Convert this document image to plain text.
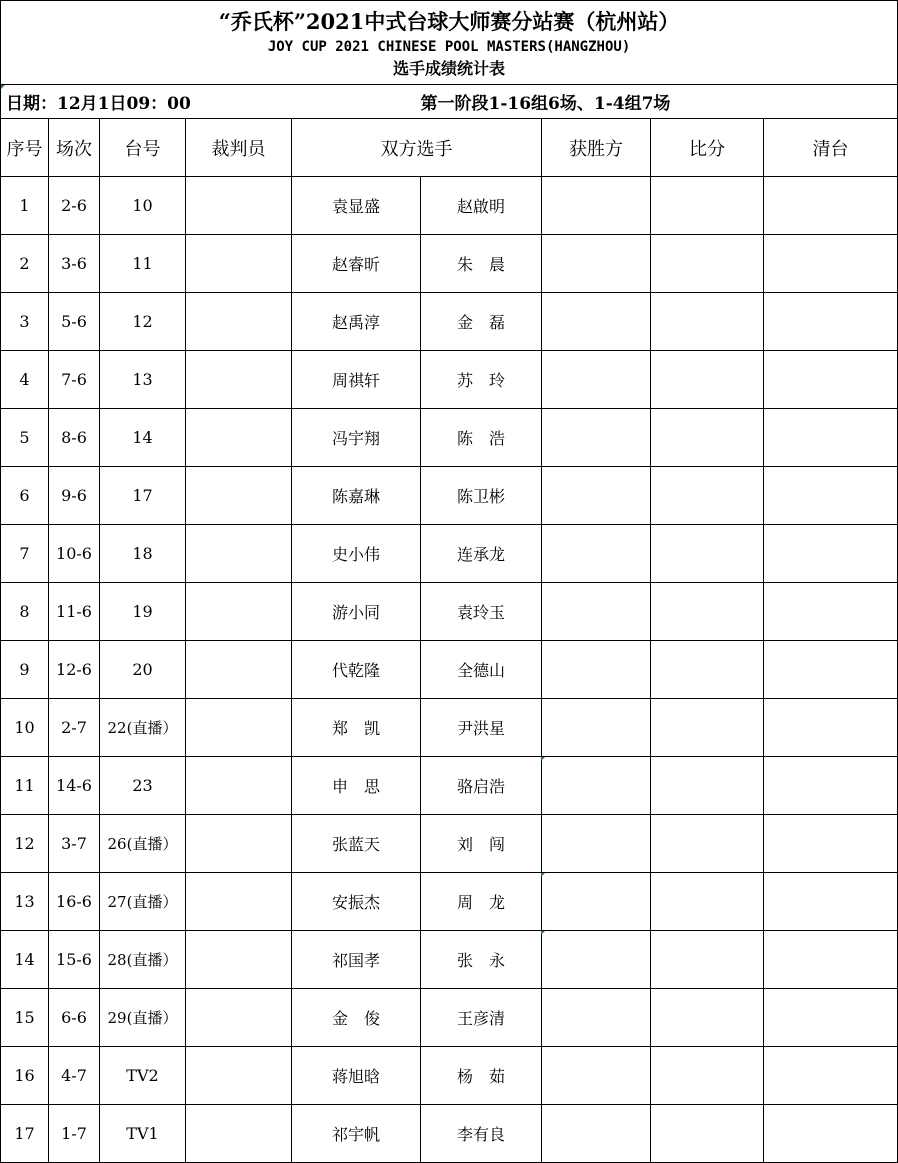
“乔氏杯”2021中式台球大师赛分站赛（杭州站）
JOY CUP 2021 CHINESE POOL MASTERS(HANGZHOU)
选手成绩统计表								

日期：12月1日09：00					第一阶段1-16组6场、1-4组7场			
序号	场次	台号	裁判员	双方选手		获胜方	比分	清台
1	2-6	10		袁显盛	赵啟明			
2	3-6	11		赵睿昕	朱　晨			
3	5-6	12		赵禹淳	金　磊			
4	7-6	13		周祺轩	苏　玲			
5	8-6	14		冯宇翔	陈　浩			
6	9-6	17		陈嘉琳	陈卫彬			
7	10-6	18		史小伟	连承龙			
8	11-6	19		游小同	袁玲玉			
9	12-6	20		代乾隆	全德山			
10	2-7	22(直播）		郑　凯	尹洪星			
11	14-6	23		申　思	骆启浩			
12	3-7	26(直播）		张蓝天	刘　闯			
13	16-6	27(直播）		安振杰	周　龙			
14	15-6	28(直播）		祁国孝	张　永			
15	6-6	29(直播）		金　俊	王彦清			
16	4-7	TV2		蒋旭晗	杨　茹			
17	1-7	TV1		祁宇帆	李有良			
